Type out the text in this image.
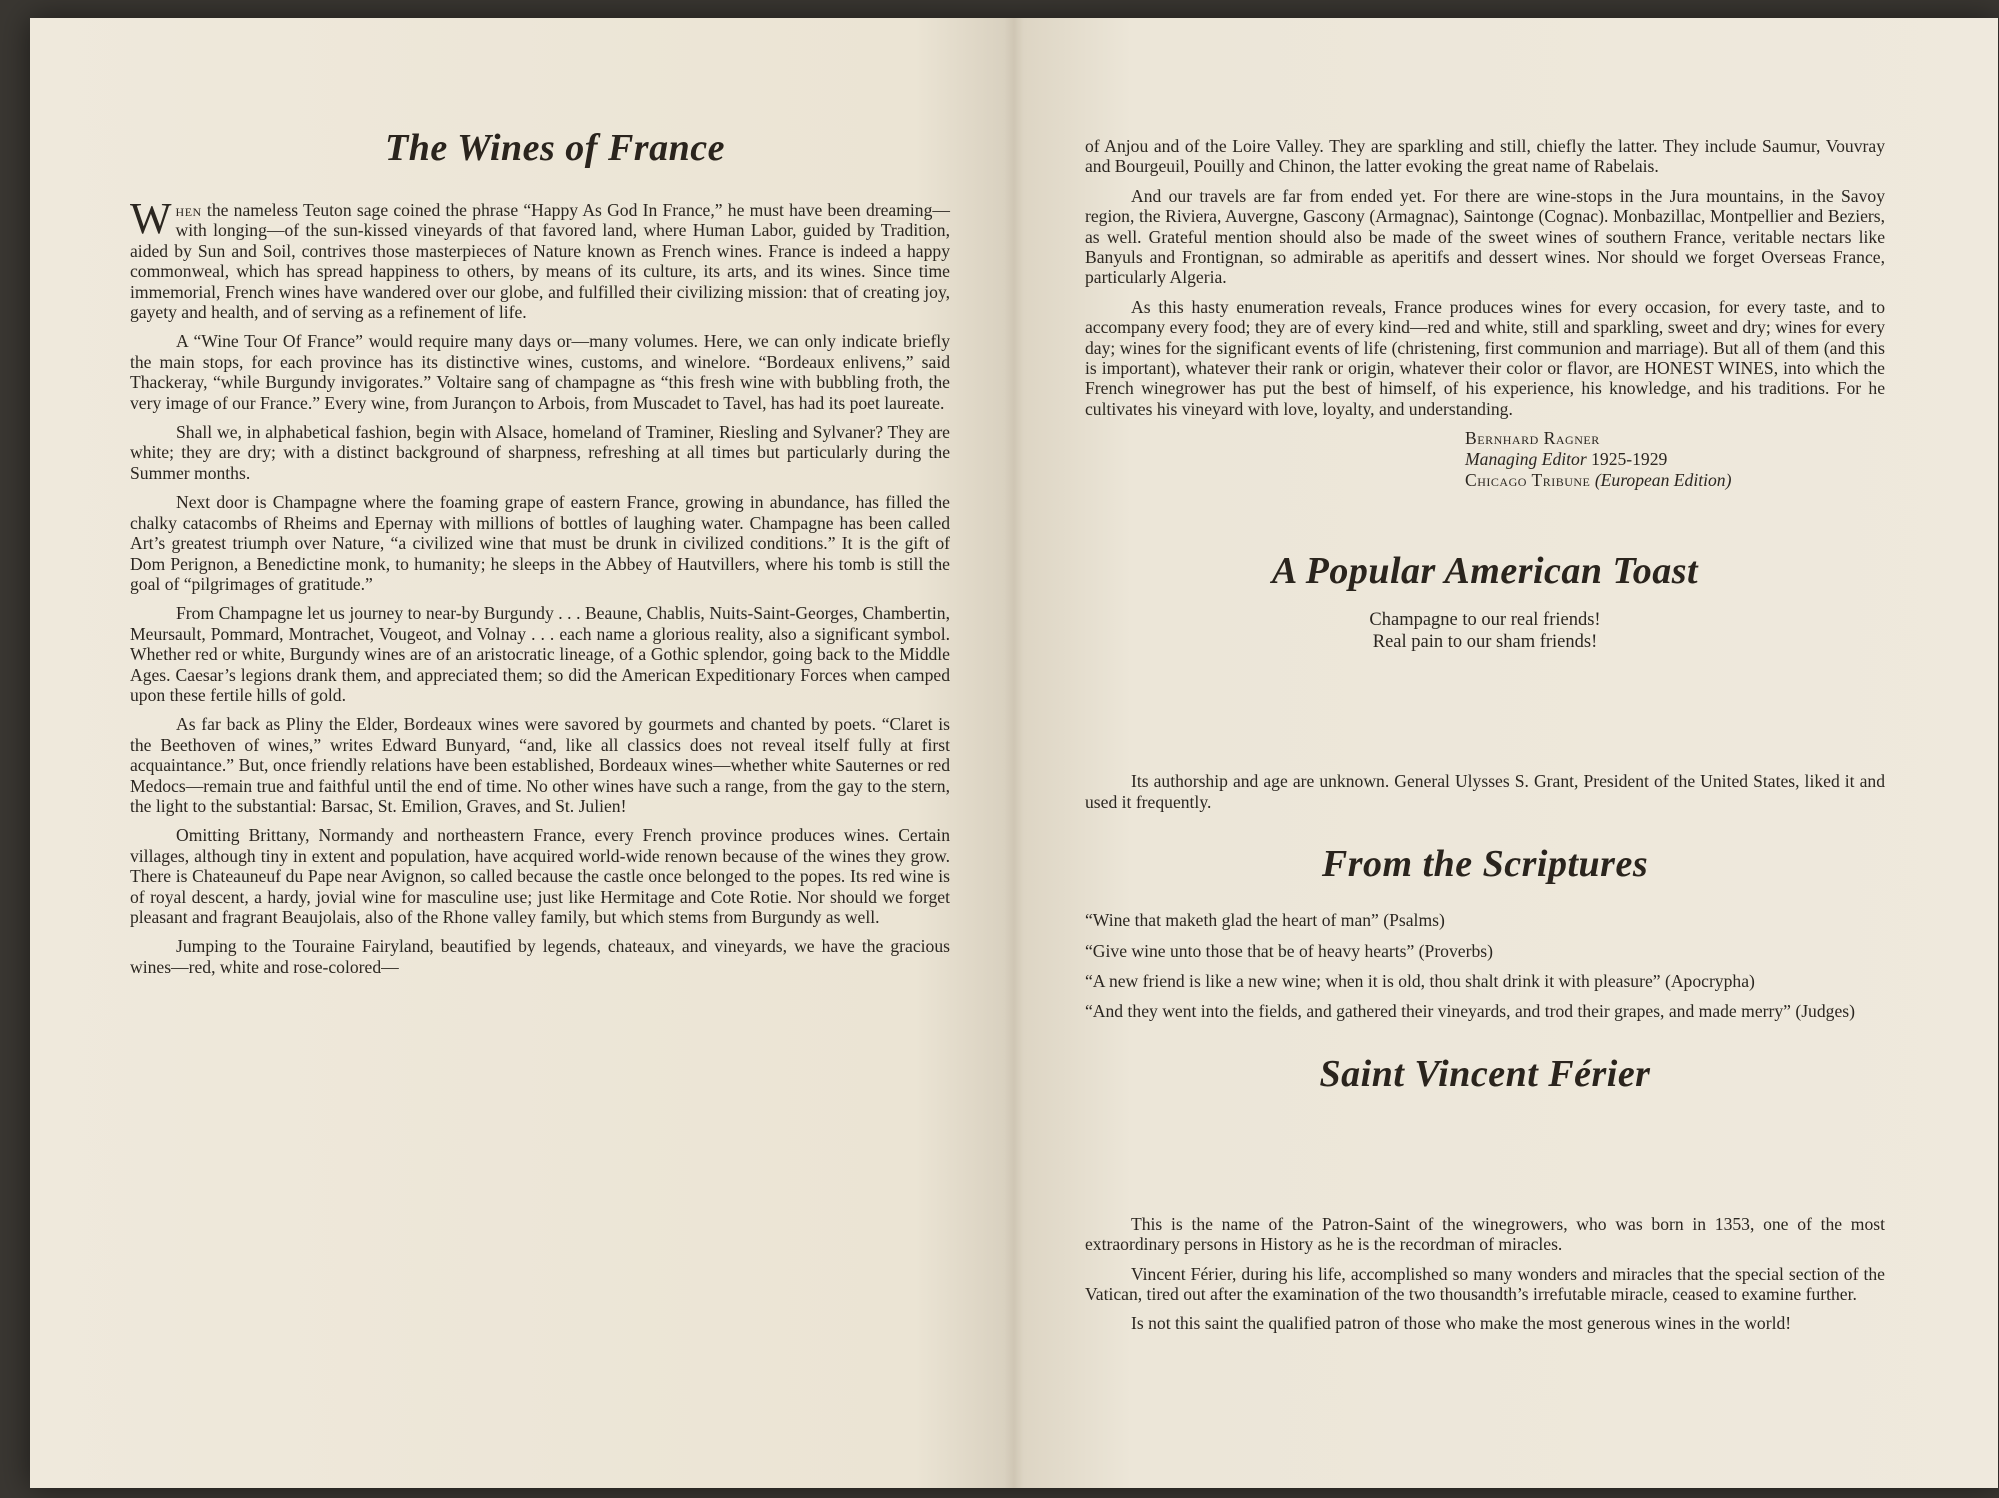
The Wines of France

When the nameless Teuton sage coined the phrase “Happy As God In France,” he must have been dreaming—with longing—of the sun-kissed vineyards of that favored land, where Human Labor, guided by Tradition, aided by Sun and Soil, contrives those masterpieces of Nature known as French wines. France is indeed a happy commonweal, which has spread happiness to others, by means of its culture, its arts, and its wines. Since time immemorial, French wines have wandered over our globe, and fulfilled their civilizing mission: that of creating joy, gayety and health, and of serving as a refinement of life.

A “Wine Tour Of France” would require many days or—many volumes. Here, we can only indicate briefly the main stops, for each province has its distinctive wines, customs, and winelore. “Bordeaux enlivens,” said Thackeray, “while Burgundy invigorates.” Voltaire sang of champagne as “this fresh wine with bubbling froth, the very image of our France.” Every wine, from Jurançon to Arbois, from Muscadet to Tavel, has had its poet laureate.

Shall we, in alphabetical fashion, begin with Alsace, homeland of Traminer, Riesling and Sylvaner? They are white; they are dry; with a distinct background of sharpness, refreshing at all times but particularly during the Summer months.

Next door is Champagne where the foaming grape of eastern France, growing in abundance, has filled the chalky catacombs of Rheims and Epernay with millions of bottles of laughing water. Champagne has been called Art’s greatest triumph over Nature, “a civilized wine that must be drunk in civilized conditions.” It is the gift of Dom Perignon, a Benedictine monk, to humanity; he sleeps in the Abbey of Hautvillers, where his tomb is still the goal of “pilgrimages of gratitude.”

From Champagne let us journey to near-by Burgundy . . . Beaune, Chablis, Nuits-Saint-Georges, Chambertin, Meursault, Pommard, Montrachet, Vougeot, and Volnay . . . each name a glorious reality, also a significant symbol. Whether red or white, Burgundy wines are of an aristocratic lineage, of a Gothic splendor, going back to the Middle Ages. Caesar’s legions drank them, and appreciated them; so did the American Expeditionary Forces when camped upon these fertile hills of gold.

As far back as Pliny the Elder, Bordeaux wines were savored by gourmets and chanted by poets. “Claret is the Beethoven of wines,” writes Edward Bunyard, “and, like all classics does not reveal itself fully at first acquaintance.” But, once friendly relations have been established, Bordeaux wines—whether white Sauternes or red Medocs—remain true and faithful until the end of time. No other wines have such a range, from the gay to the stern, the light to the substantial: Barsac, St. Emilion, Graves, and St. Julien!

Omitting Brittany, Normandy and northeastern France, every French province produces wines. Certain villages, although tiny in extent and population, have acquired world-wide renown because of the wines they grow. There is Chateauneuf du Pape near Avignon, so called because the castle once belonged to the popes. Its red wine is of royal descent, a hardy, jovial wine for masculine use; just like Hermitage and Cote Rotie. Nor should we forget pleasant and fragrant Beaujolais, also of the Rhone valley family, but which stems from Burgundy as well.

Jumping to the Touraine Fairyland, beautified by legends, chateaux, and vineyards, we have the gracious wines—red, white and rose-colored—

of Anjou and of the Loire Valley. They are sparkling and still, chiefly the latter. They include Saumur, Vouvray and Bourgeuil, Pouilly and Chinon, the latter evoking the great name of Rabelais.

And our travels are far from ended yet. For there are wine-stops in the Jura mountains, in the Savoy region, the Riviera, Auvergne, Gascony (Armagnac), Saintonge (Cognac). Monbazillac, Montpellier and Beziers, as well. Grateful mention should also be made of the sweet wines of southern France, veritable nectars like Banyuls and Frontignan, so admirable as aperitifs and dessert wines. Nor should we forget Overseas France, particularly Algeria.

As this hasty enumeration reveals, France produces wines for every occasion, for every taste, and to accompany every food; they are of every kind—red and white, still and sparkling, sweet and dry; wines for every day; wines for the significant events of life (christening, first communion and marriage). But all of them (and this is important), whatever their rank or origin, whatever their color or flavor, are HONEST WINES, into which the French winegrower has put the best of himself, of his experience, his knowledge, and his traditions. For he cultivates his vineyard with love, loyalty, and understanding.

Bernhard Ragner
Managing Editor 1925-1929
Chicago Tribune (European Edition)
A Popular American Toast
Champagne to our real friends!
Real pain to our sham friends!

Its authorship and age are unknown. General Ulysses S. Grant, President of the United States, liked it and used it frequently.

From the Scriptures

“Wine that maketh glad the heart of man” (Psalms)

“Give wine unto those that be of heavy hearts” (Proverbs)

“A new friend is like a new wine; when it is old, thou shalt drink it with pleasure” (Apocrypha)

“And they went into the fields, and gathered their vineyards, and trod their grapes, and made merry” (Judges)

Saint Vincent Férier

This is the name of the Patron-Saint of the winegrowers, who was born in 1353, one of the most extraordinary persons in History as he is the recordman of miracles.

Vincent Férier, during his life, accomplished so many wonders and miracles that the special section of the Vatican, tired out after the examination of the two thousandth’s irrefutable miracle, ceased to examine further.

Is not this saint the qualified patron of those who make the most generous wines in the world!
